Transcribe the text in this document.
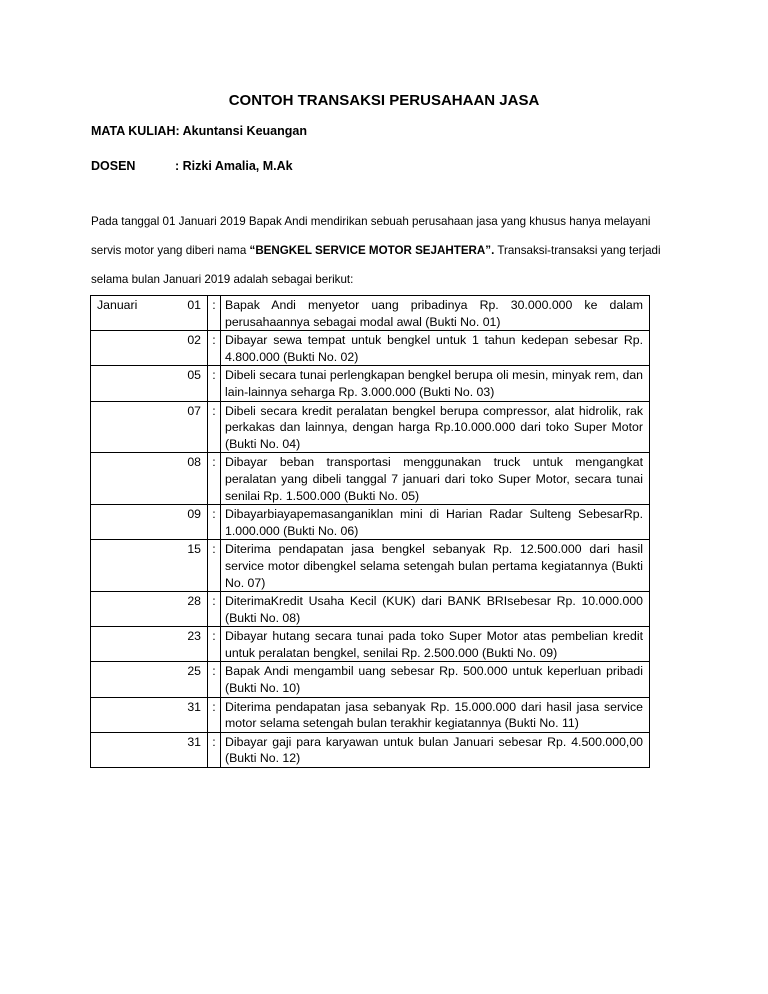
CONTOH TRANSAKSI PERUSAHAAN JASA
MATA KULIAH: Akuntansi Keuangan
DOSEN	: Rizki Amalia, M.Ak
Pada tanggal 01 Januari 2019 Bapak Andi mendirikan sebuah perusahaan jasa yang khusus hanya melayani servis motor yang diberi nama “BENGKEL SERVICE MOTOR SEJAHTERA”. Transaksi-transaksi yang terjadi selama bulan Januari 2019 adalah sebagai berikut:
Januari	01	:	Bapak Andi menyetor uang pribadinya Rp. 30.000.000 ke dalam perusahaannya sebagai modal awal (Bukti No. 01)
	02	:	Dibayar sewa tempat untuk bengkel untuk 1 tahun kedepan sebesar Rp. 4.800.000 (Bukti No. 02)
	05	:	Dibeli secara tunai perlengkapan bengkel berupa oli mesin, minyak rem, dan lain-lainnya seharga Rp. 3.000.000 (Bukti No. 03)
	07	:	Dibeli secara kredit peralatan bengkel berupa compressor, alat hidrolik, rak perkakas dan lainnya, dengan harga Rp.10.000.000 dari toko Super Motor (Bukti No. 04)
	08	:	Dibayar beban transportasi menggunakan truck untuk mengangkat peralatan yang dibeli tanggal 7 januari dari toko Super Motor, secara tunai senilai Rp. 1.500.000 (Bukti No. 05)
	09	:	Dibayarbiayapemasanganiklan mini di Harian Radar Sulteng SebesarRp. 1.000.000 (Bukti No. 06)
	15	:	Diterima pendapatan jasa bengkel sebanyak Rp. 12.500.000 dari hasil service motor dibengkel selama setengah bulan pertama kegiatannya (Bukti No. 07)
	28	:	DiterimaKredit Usaha Kecil (KUK) dari BANK BRIsebesar Rp. 10.000.000 (Bukti No. 08)
	23	:	Dibayar hutang secara tunai pada toko Super Motor atas pembelian kredit untuk peralatan bengkel, senilai Rp. 2.500.000 (Bukti No. 09)
	25	:	Bapak Andi mengambil uang sebesar Rp. 500.000 untuk keperluan pribadi (Bukti No. 10)
	31	:	Diterima pendapatan jasa sebanyak Rp. 15.000.000 dari hasil jasa service motor selama setengah bulan terakhir kegiatannya (Bukti No. 11)
	31	:	Dibayar gaji para karyawan untuk bulan Januari sebesar Rp. 4.500.000,00 (Bukti No. 12)
